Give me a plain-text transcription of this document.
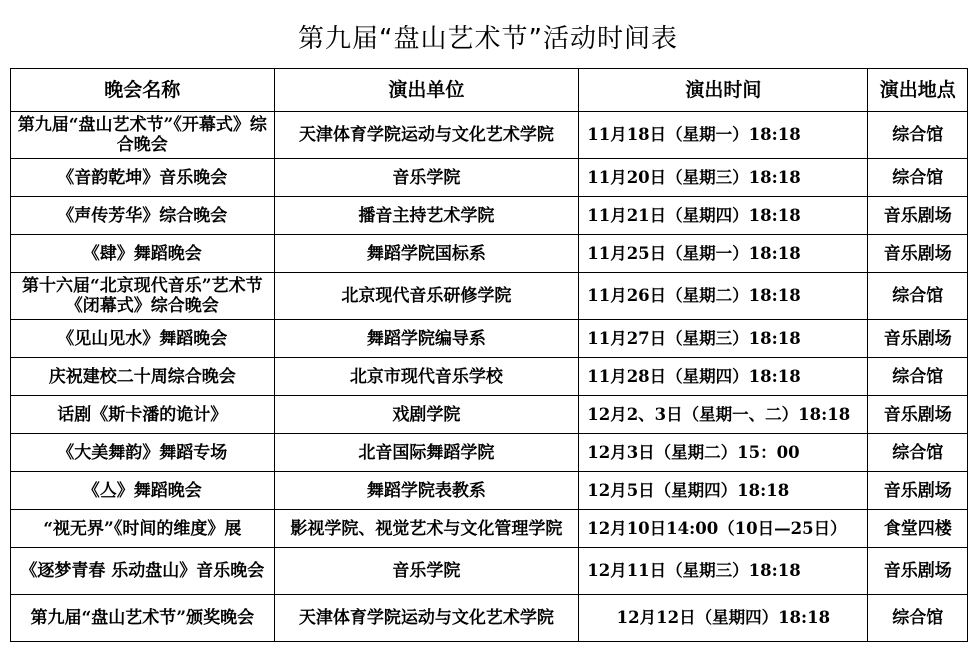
第九届“盘山艺术节”活动时间表
晚会名称	演出单位	演出时间	演出地点
第九届“盘山艺术节”《开幕式》综合晚会	天津体育学院运动与文化艺术学院	11月18日（星期一）18:18	综合馆
《音韵乾坤》音乐晚会	音乐学院	11月20日（星期三）18:18	综合馆
《声传芳华》综合晚会	播音主持艺术学院	11月21日（星期四）18:18	音乐剧场
《肆》舞蹈晚会	舞蹈学院国标系	11月25日（星期一）18:18	音乐剧场
第十六届“北京现代音乐”艺术节《闭幕式》综合晚会	北京现代音乐研修学院	11月26日（星期二）18:18	综合馆
《见山见水》舞蹈晚会	舞蹈学院编导系	11月27日（星期三）18:18	音乐剧场
庆祝建校二十周综合晚会	北京市现代音乐学校	11月28日（星期四）18:18	综合馆
话剧《斯卡潘的诡计》	戏剧学院	12月2、3日（星期一、二）18:18	音乐剧场
《大美舞韵》舞蹈专场	北音国际舞蹈学院	12月3日（星期二）15：00	综合馆
《亼》舞蹈晚会	舞蹈学院表教系	12月5日（星期四）18:18	音乐剧场
“视无界”《时间的维度》展	影视学院、视觉艺术与文化管理学院	12月10日14:00（10日—25日）	食堂四楼
《逐梦青春 乐动盘山》音乐晚会	音乐学院	12月11日（星期三）18:18	音乐剧场
第九届“盘山艺术节”颁奖晚会	天津体育学院运动与文化艺术学院	12月12日（星期四）18:18	综合馆
